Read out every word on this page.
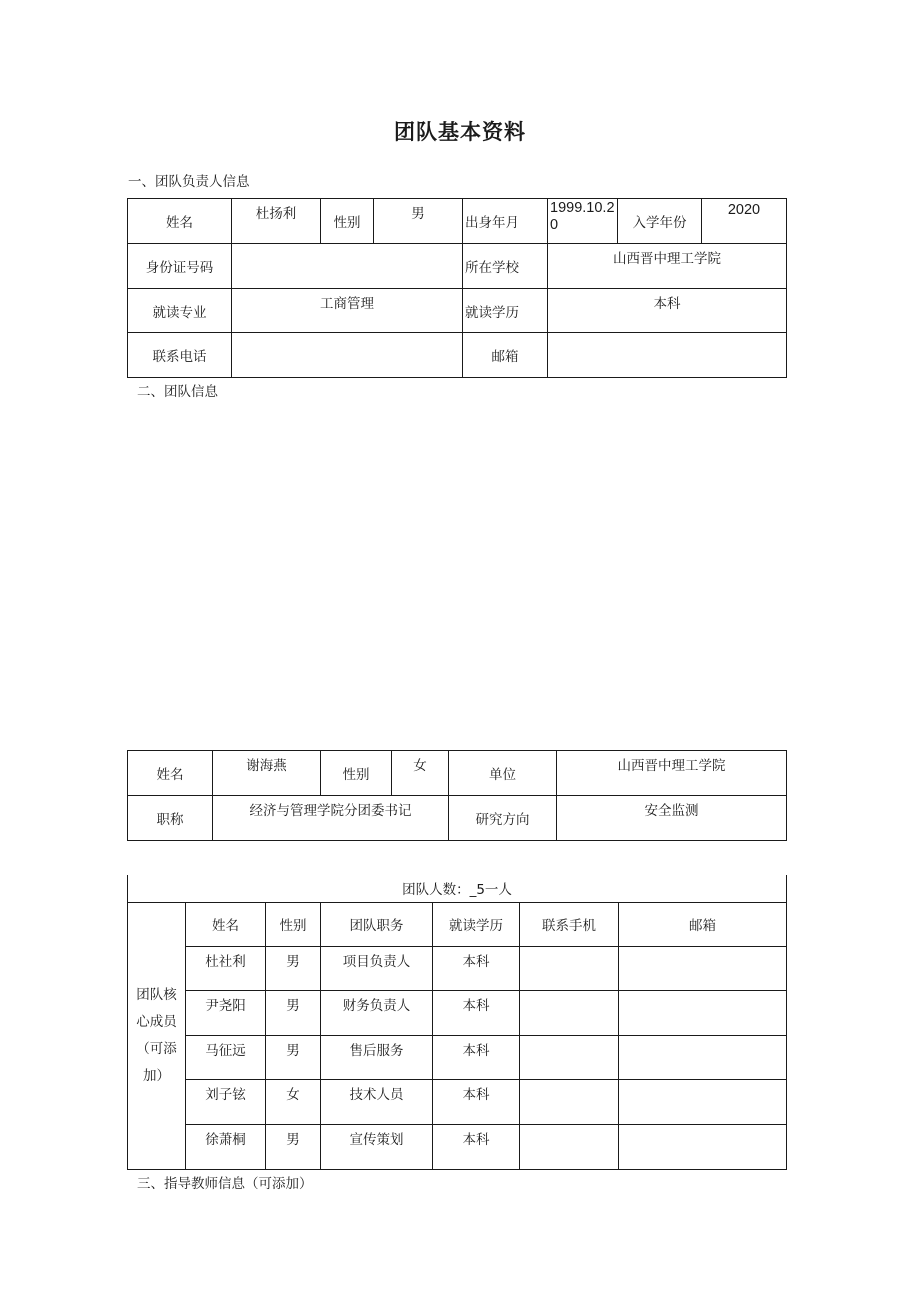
团队基本资料
一、团队负责人信息
姓名	杜扬利	性别	男	出身年月	1999.10.20	入学年份	2020
身份证号码				所在学校	山西晋中理工学院		
就读专业	工商管理			就读学历	本科		
联系电话				邮箱			
二、团队信息
姓名	谢海燕	性别	女	单位	山西晋中理工学院
职称	经济与管理学院分团委书记			研究方向	安全监测
团队人数：_5一人						

团队核
心成员
（可添
加）	姓名	性别	团队职务	就读学历	联系手机	邮箱
	杜社利	男	项目负责人	本科		
	尹尧阳	男	财务负责人	本科		
	马征远	男	售后服务	本科		
	刘子铉	女	技术人员	本科		
	徐萧桐	男	宣传策划	本科		
三、指导教师信息（可添加）
